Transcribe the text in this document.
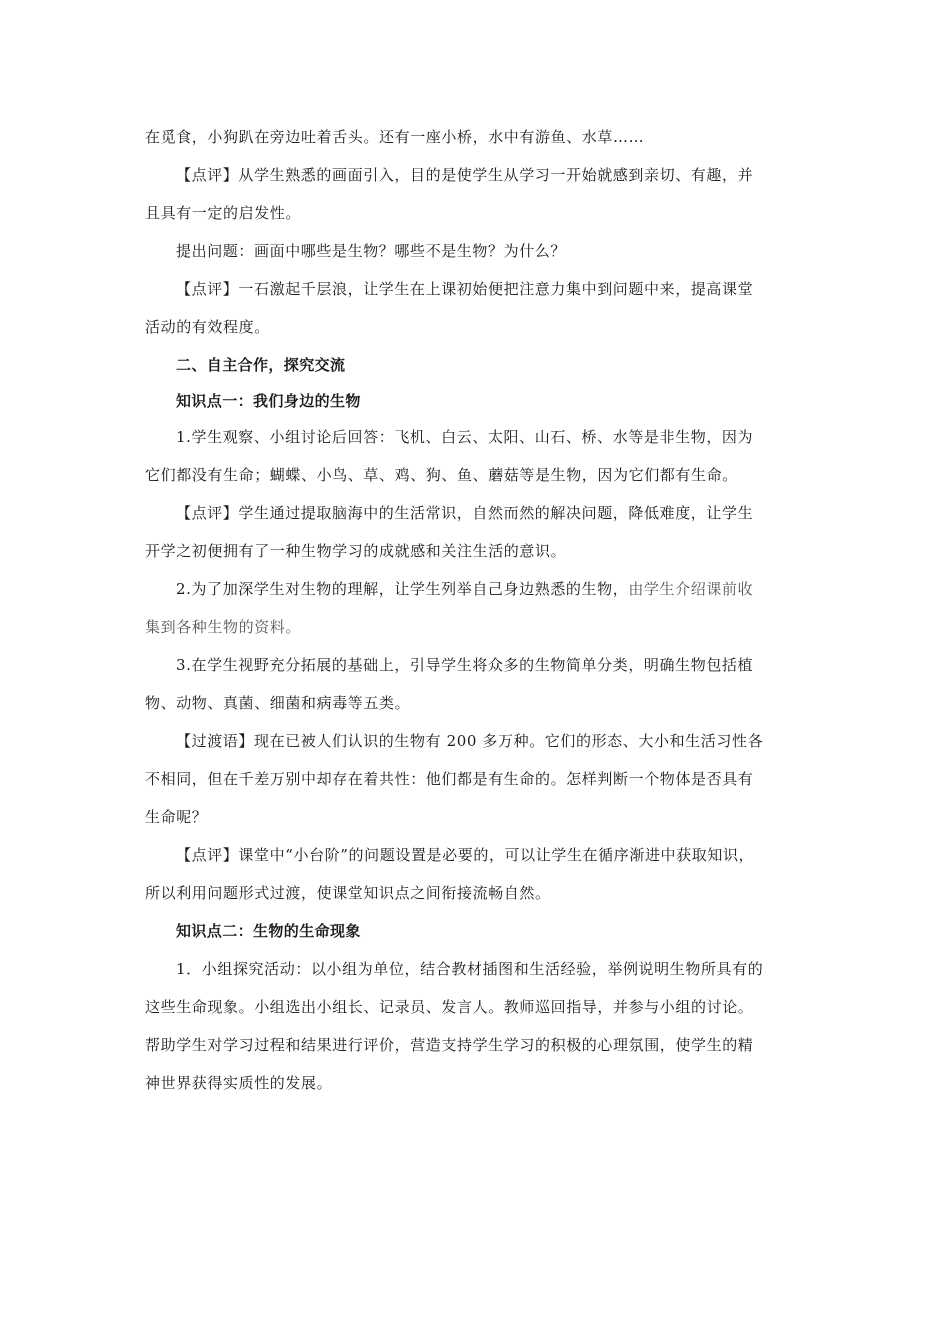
在觅食，小狗趴在旁边吐着舌头。还有一座小桥，水中有游鱼、水草……
【点评】从学生熟悉的画面引入，目的是使学生从学习一开始就感到亲切、有趣，并
且具有一定的启发性。
提出问题：画面中哪些是生物？哪些不是生物？为什么？
【点评】一石激起千层浪，让学生在上课初始便把注意力集中到问题中来，提高课堂
活动的有效程度。
二、自主合作，探究交流
知识点一：我们身边的生物
1.学生观察、小组讨论后回答：飞机、白云、太阳、山石、桥、水等是非生物，因为
它们都没有生命；蝴蝶、小鸟、草、鸡、狗、鱼、蘑菇等是生物，因为它们都有生命。
【点评】学生通过提取脑海中的生活常识，自然而然的解决问题，降低难度，让学生
开学之初便拥有了一种生物学习的成就感和关注生活的意识。
2.为了加深学生对生物的理解，让学生列举自己身边熟悉的生物，由学生介绍课前收
集到各种生物的资料。
3.在学生视野充分拓展的基础上，引导学生将众多的生物简单分类，明确生物包括植
物、动物、真菌、细菌和病毒等五类。
【过渡语】现在已被人们认识的生物有 200 多万种。它们的形态、大小和生活习性各
不相同，但在千差万别中却存在着共性：他们都是有生命的。怎样判断一个物体是否具有
生命呢？
【点评】课堂中“小台阶”的问题设置是必要的，可以让学生在循序渐进中获取知识，
所以利用问题形式过渡，使课堂知识点之间衔接流畅自然。
知识点二：生物的生命现象
1．小组探究活动：以小组为单位，结合教材插图和生活经验，举例说明生物所具有的
这些生命现象。小组选出小组长、记录员、发言人。教师巡回指导，并参与小组的讨论。
帮助学生对学习过程和结果进行评价，营造支持学生学习的积极的心理氛围，使学生的精
神世界获得实质性的发展。
